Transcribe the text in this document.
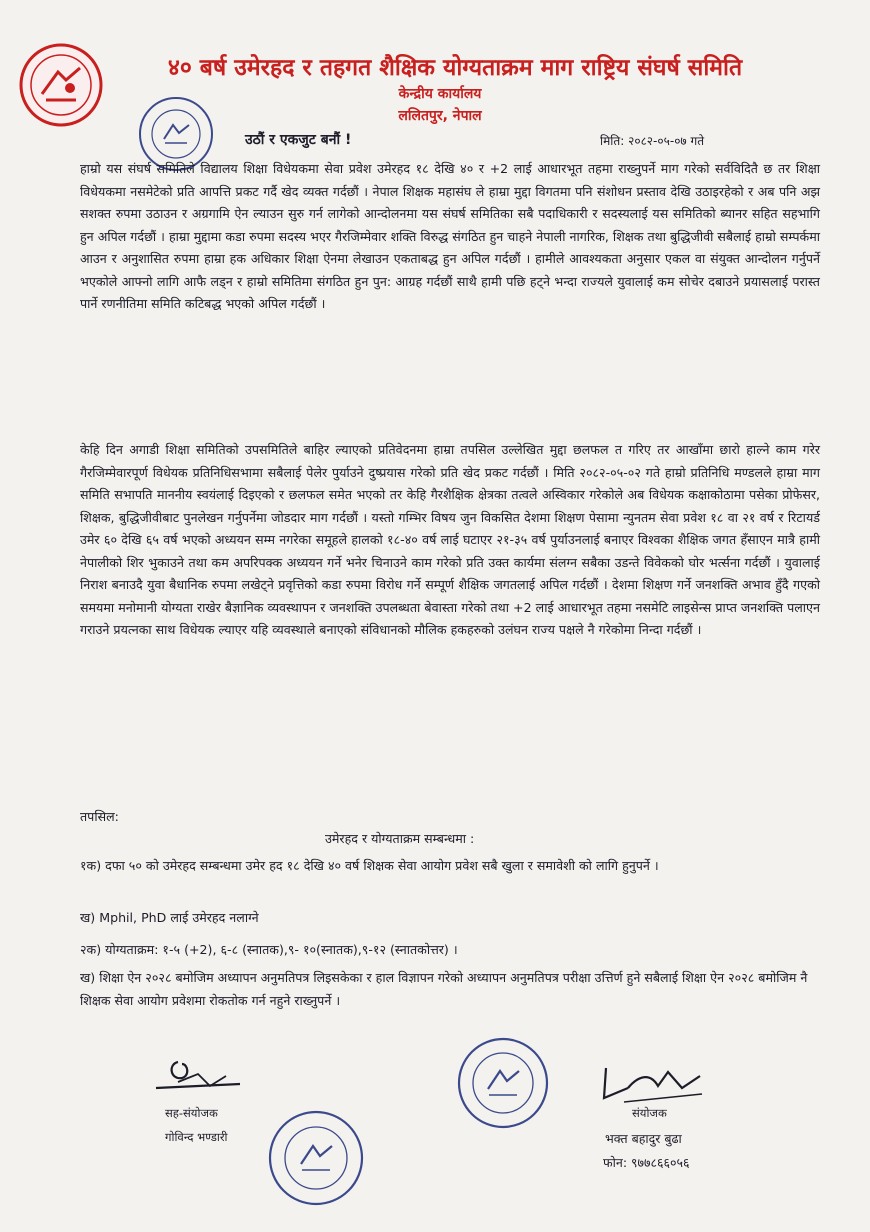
४० बर्ष उमेरहद र तहगत शैक्षिक योग्यताक्रम माग राष्ट्रिय संघर्ष समिति
केन्द्रीय कार्यालय
ललितपुर, नेपाल
उठौं र एकजुट बनौं !	मिति: २०८२-०५-०७ गते
हाम्रो यस संघर्ष समितिले विद्यालय शिक्षा विधेयकमा सेवा प्रवेश उमेरहद १८ देखि ४० र +2 लाई आधारभूत तहमा राख्नुपर्ने माग गरेको सर्वविदितै छ तर शिक्षा विधेयकमा नसमेटेको प्रति आपत्ति प्रकट गर्दै खेद व्यक्त गर्दछौं । नेपाल शिक्षक महासंघ ले हाम्रा मुद्दा विगतमा पनि संशोधन प्रस्ताव देखि उठाइरहेको र अब पनि अझ सशक्त रुपमा उठाउन र अग्रगामि ऐन ल्याउन सुरु गर्न लागेको आन्दोलनमा यस संघर्ष समितिका सबै पदाधिकारी र सदस्यलाई यस समितिको ब्यानर सहित सहभागि हुन अपिल गर्दछौं । हाम्रा मुद्दामा कडा रुपमा सदस्य भएर गैरजिम्मेवार शक्ति विरुद्ध संगठित हुन चाहने नेपाली नागरिक, शिक्षक तथा बुद्धिजीवी सबैलाई हाम्रो सम्पर्कमा आउन र अनुशासित रुपमा हाम्रा हक अधिकार शिक्षा ऐनमा लेखाउन एकताबद्ध हुन अपिल गर्दछौं । हामीले आवश्यकता अनुसार एकल वा संयुक्त आन्दोलन गर्नुपर्ने भएकोले आफ्नो लागि आफै लड्न र हाम्रो समितिमा संगठित हुन पुन: आग्रह गर्दछौं साथै हामी पछि हट्ने भन्दा राज्यले युवालाई कम सोचेर दबाउने प्रयासलाई परास्त पार्ने रणनीतिमा समिति कटिबद्ध भएको अपिल गर्दछौं ।
केहि दिन अगाडी शिक्षा समितिको उपसमितिले बाहिर ल्याएको प्रतिवेदनमा हाम्रा तपसिल उल्लेखित मुद्दा छलफल त गरिए तर आखाँमा छारो हाल्ने काम गरेर गैरजिम्मेवारपूर्ण विधेयक प्रतिनिधिसभामा सबैलाई पेलेर पुर्याउने दुष्प्रयास गरेको प्रति खेद प्रकट गर्दछौं । मिति २०८२-०५-०२ गते हाम्रो प्रतिनिधि मण्डलले हाम्रा माग समिति सभापति माननीय स्वयंलाई दिइएको र छलफल समेत भएको तर केहि गैरशैक्षिक क्षेत्रका तत्वले अस्विकार गरेकोले अब विधेयक कक्षाकोठामा पसेका प्रोफेसर, शिक्षक, बुद्धिजीवीबाट पुनलेखन गर्नुपर्नेमा जोडदार माग गर्दछौं । यस्तो गम्भिर विषय जुन विकसित देशमा शिक्षण पेसामा न्युनतम सेवा प्रवेश १८ वा २१ वर्ष र रिटायर्ड उमेर ६० देखि ६५ वर्ष भएको अध्ययन सम्म नगरेका समूहले हालको १८-४० वर्ष लाई घटाएर २१-३५ वर्ष पुर्याउनलाई बनाएर विश्वका शैक्षिक जगत हँसाएन मात्रै हामी नेपालीको शिर भुकाउने तथा कम अपरिपक्क अध्ययन गर्ने भनेर चिनाउने काम गरेको प्रति उक्त कार्यमा संलग्न सबैका उडन्ते विवेकको घोर भर्त्सना गर्दछौं । युवालाई निराश बनाउदै युवा बैधानिक रुपमा लखेट्ने प्रवृत्तिको कडा रुपमा विरोध गर्ने सम्पूर्ण शैक्षिक जगतलाई अपिल गर्दछौं । देशमा शिक्षण गर्ने जनशक्ति अभाव हुँदै गएको समयमा मनोमानी योग्यता राखेर बैज्ञानिक व्यवस्थापन र जनशक्ति उपलब्धता बेवास्ता गरेको तथा +2 लाई आधारभूत तहमा नसमेटि लाइसेन्स प्राप्त जनशक्ति पलाएन गराउने प्रयत्नका साथ विधेयक ल्याएर यहि व्यवस्थाले बनाएको संविधानको मौलिक हकहरुको उलंघन राज्य पक्षले नै गरेकोमा निन्दा गर्दछौं ।
तपसिल:
उमेरहद र योग्यताक्रम सम्बन्धमा :
१क) दफा ५० को उमेरहद सम्बन्धमा उमेर हद १८ देखि ४० वर्ष शिक्षक सेवा आयोग प्रवेश सबै खुला र समावेशी को लागि हुनुपर्ने ।
ख) Mphil, PhD लाई उमेरहद नलाग्ने
२क) योग्यताक्रम: १-५ (+2), ६-८ (स्नातक),९- १०(स्नातक),९-१२ (स्नातकोत्तर) ।
ख) शिक्षा ऐन २०२८ बमोजिम अध्यापन अनुमतिपत्र लिइसकेका र हाल विज्ञापन गरेको अध्यापन अनुमतिपत्र परीक्षा उत्तिर्ण हुने सबैलाई शिक्षा ऐन २०२८ बमोजिम नै शिक्षक सेवा आयोग प्रवेशमा रोकतोक गर्न नहुने राख्नुपर्ने ।
सह-संयोजक
गोविन्द भण्डारी
संयोजक
भक्त बहादुर बुढा
फोन: ९७७८६६०५६
